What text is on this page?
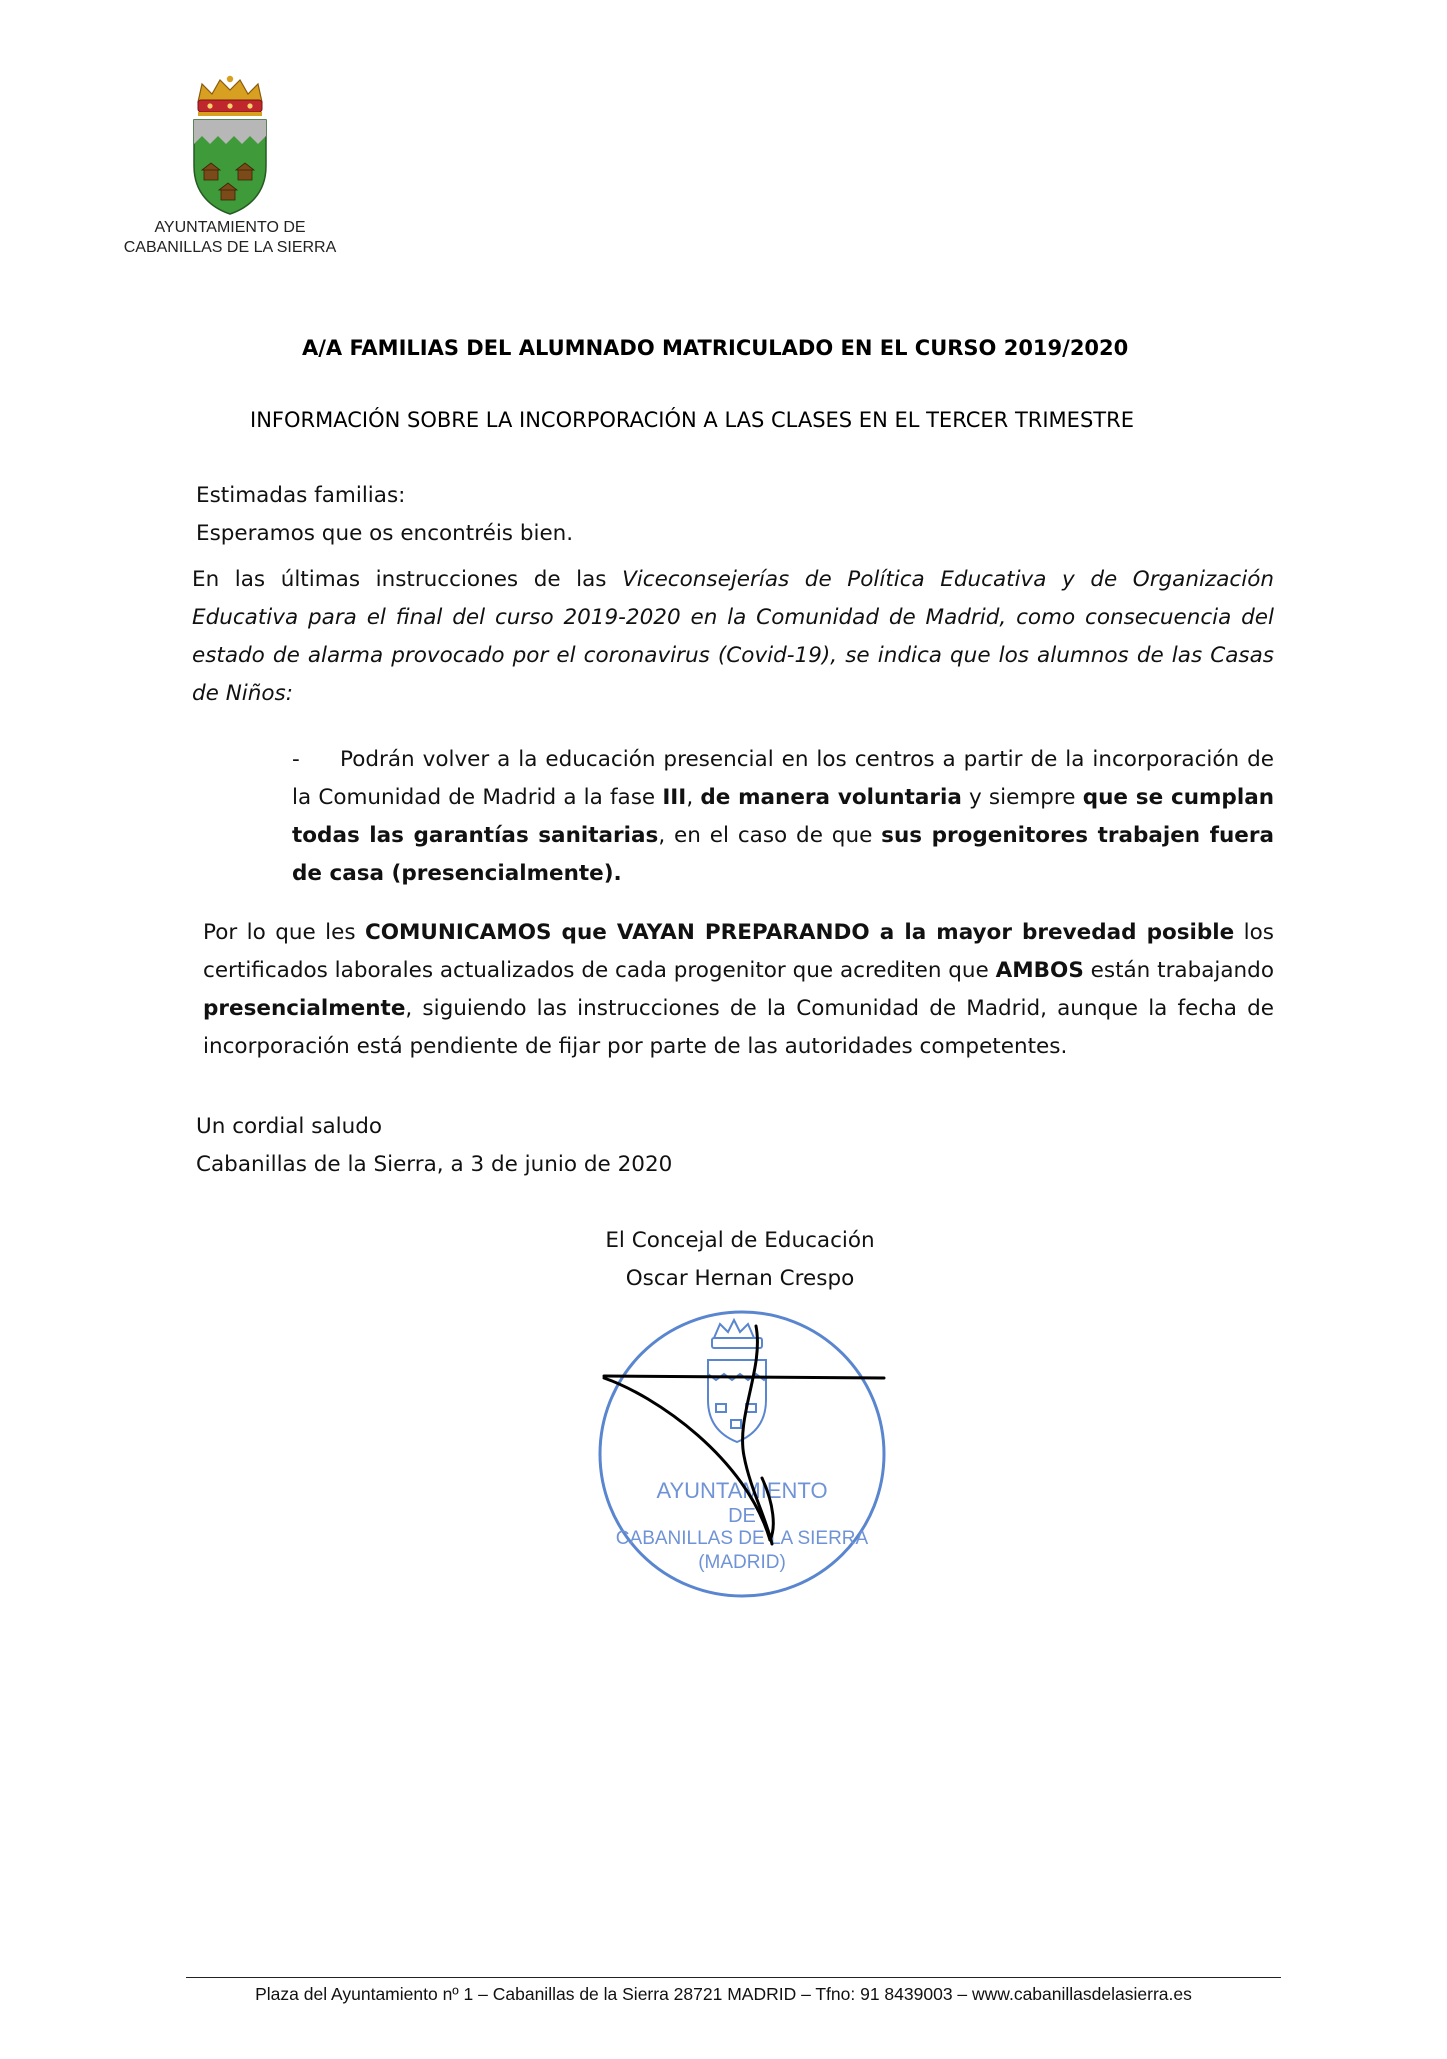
AYUNTAMIENTO DE
CABANILLAS DE LA SIERRA
A/A FAMILIAS DEL ALUMNADO MATRICULADO EN EL CURSO 2019/2020
INFORMACIÓN SOBRE LA INCORPORACIÓN A LAS CLASES EN EL TERCER TRIMESTRE
Estimadas familias:
Esperamos que os encontréis bien.
En las últimas instrucciones de las Viceconsejerías de Política Educativa y de Organización Educativa para el final del curso 2019-2020 en la Comunidad de Madrid, como consecuencia del estado de alarma provocado por el coronavirus (Covid-19), se indica que los alumnos de las Casas de Niños:
-	Podrán volver a la educación presencial en los centros a partir de la incorporación de la Comunidad de Madrid a la fase III, de manera voluntaria y siempre que se cumplan todas las garantías sanitarias, en el caso de que sus progenitores trabajen fuera de casa (presencialmente).
Por lo que les COMUNICAMOS que VAYAN PREPARANDO a la mayor brevedad posible los certificados laborales actualizados de cada progenitor que acrediten que AMBOS están trabajando presencialmente, siguiendo las instrucciones de la Comunidad de Madrid, aunque la fecha de incorporación está pendiente de fijar por parte de las autoridades competentes.
Un cordial saludo
Cabanillas de la Sierra, a 3 de junio de 2020
El Concejal de Educación
Oscar Hernan Crespo
AYUNTAMIENTO
DE
CABANILLAS DE LA SIERRA
(MADRID)
Plaza del Ayuntamiento nº 1 – Cabanillas de la Sierra 28721 MADRID – Tfno: 91 8439003 – www.cabanillasdelasierra.es
